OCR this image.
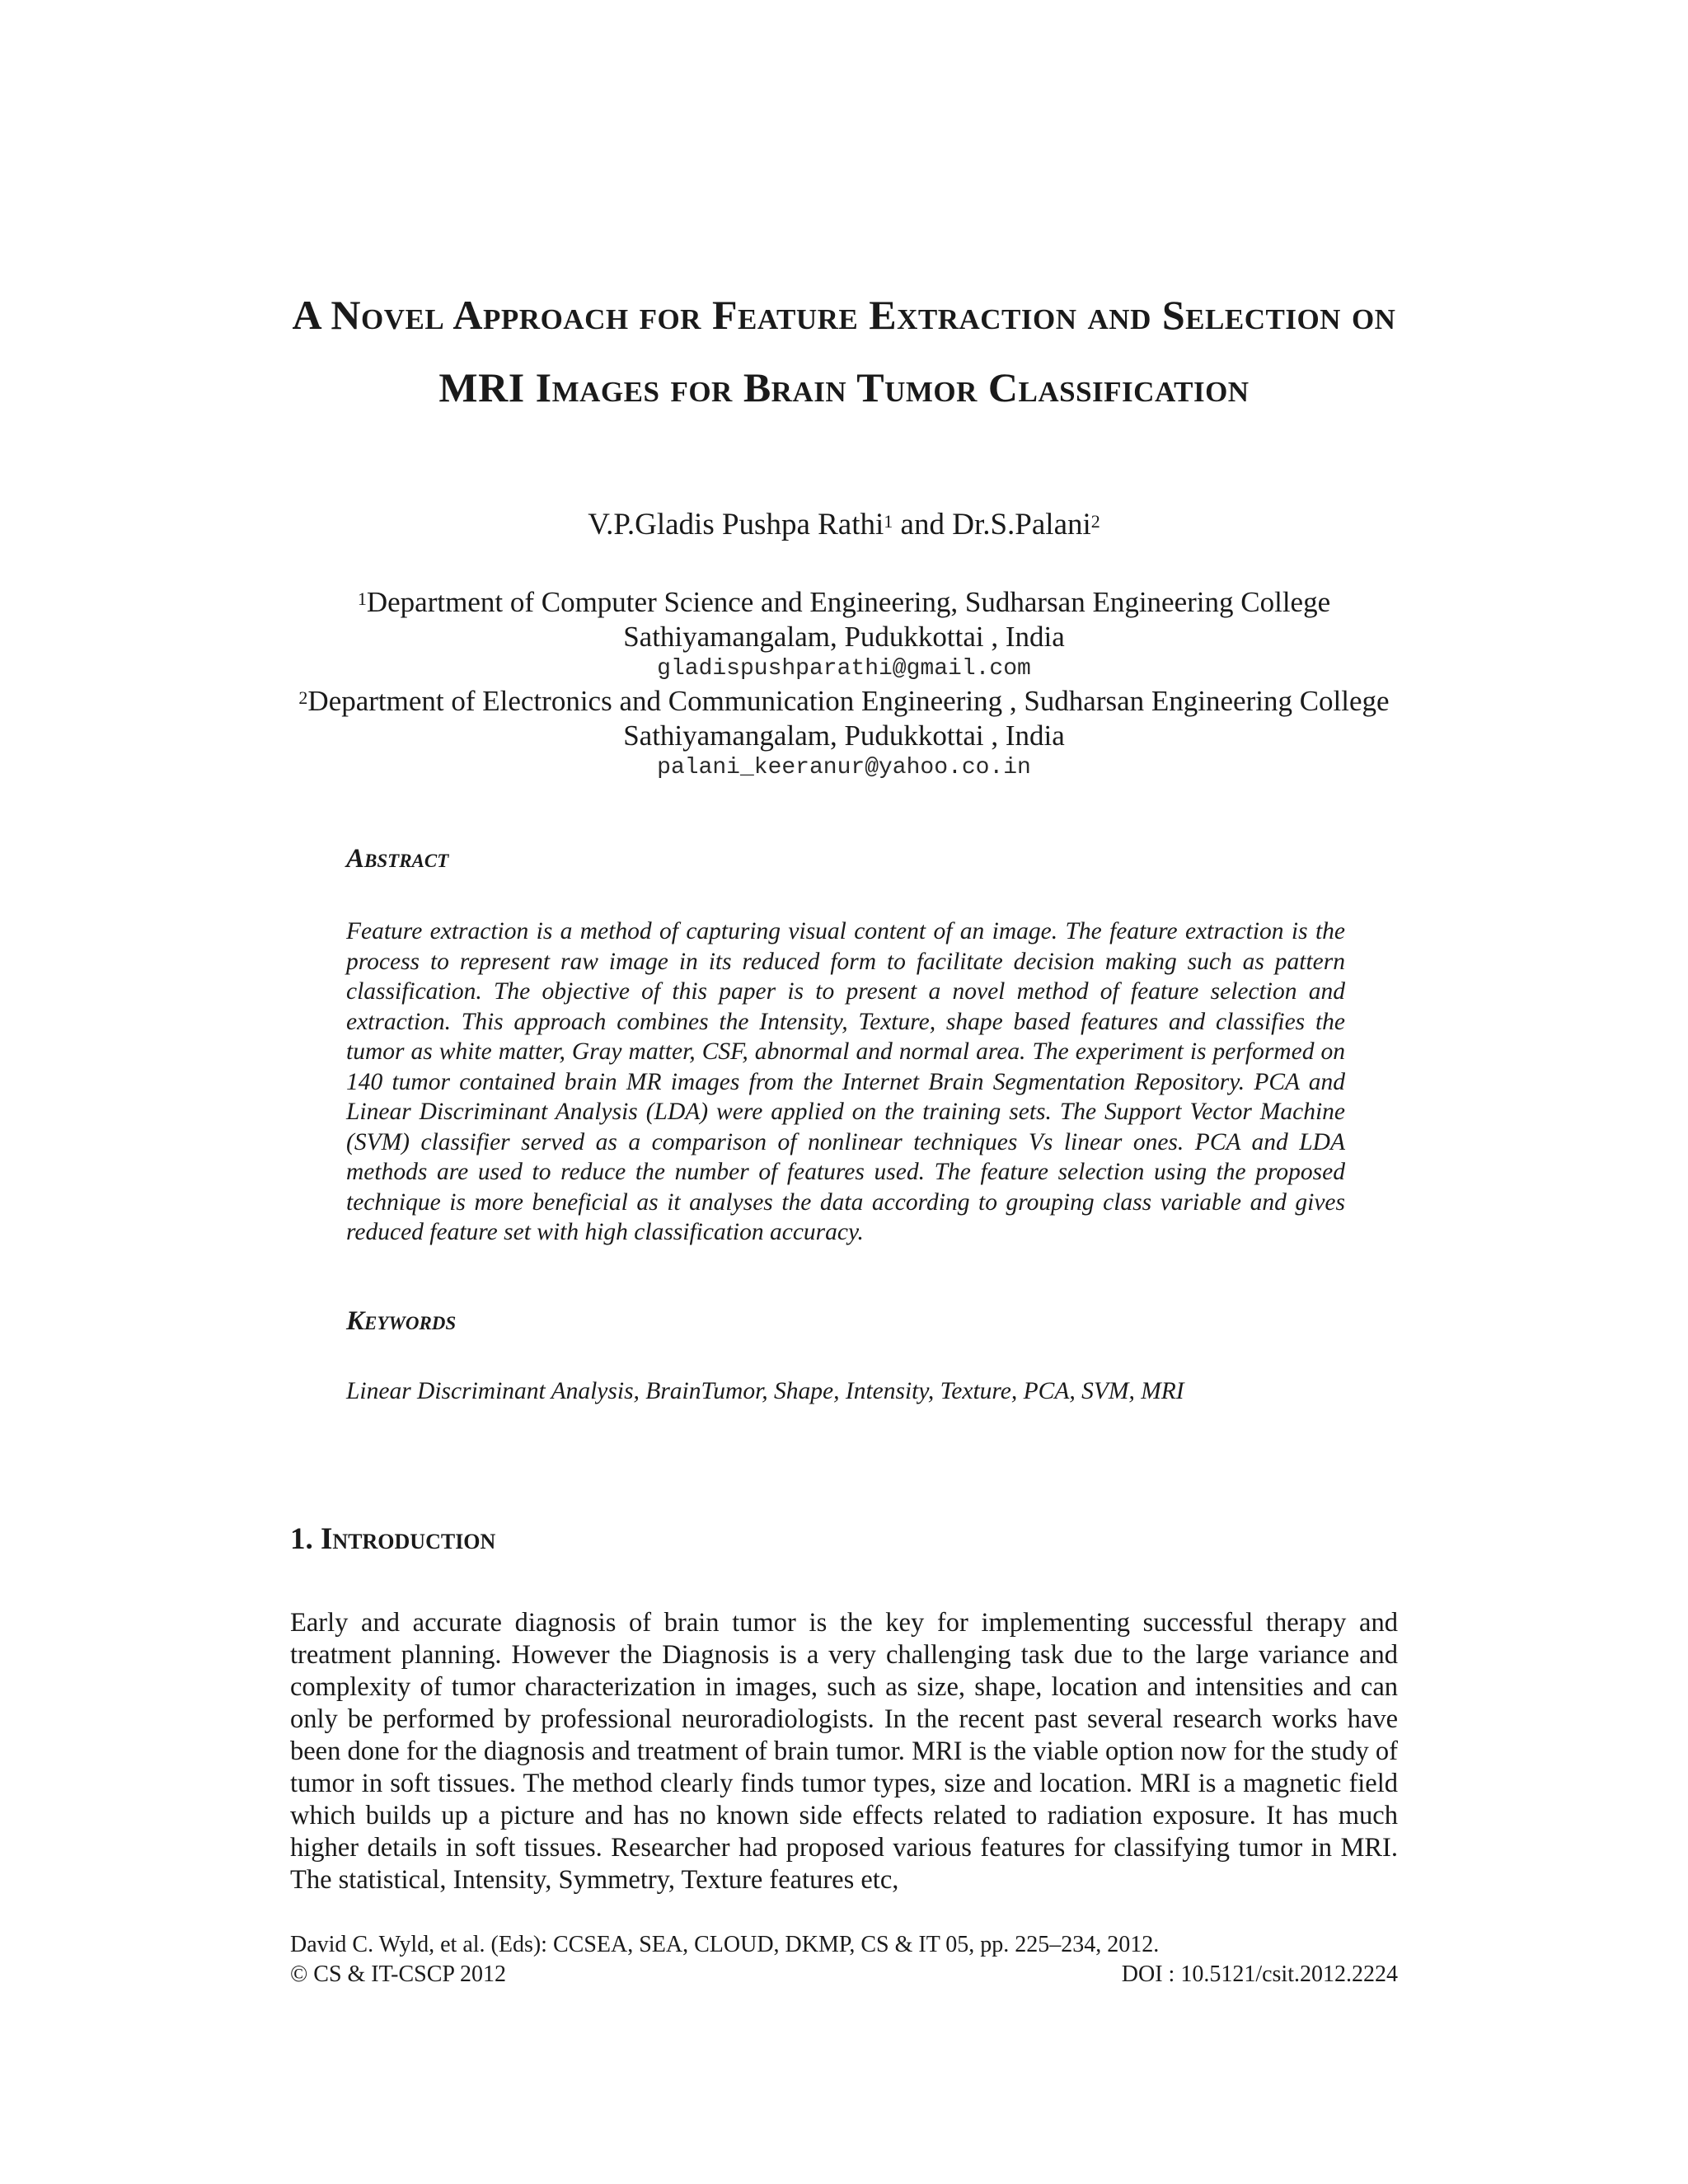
A Novel Approach for Feature Extraction and Selection on MRI Images for Brain Tumor Classification
V.P.Gladis Pushpa Rathi$^1$ and Dr.S.Palani$^2$
$^1$Department of Computer Science and Engineering, Sudharsan Engineering College Sathiyamangalam, Pudukkottai , India
gladispushparathi@gmail.com
$^2$Department of Electronics and Communication Engineering , Sudharsan Engineering College Sathiyamangalam, Pudukkottai , India
palani_keeranur@yahoo.co.in
Abstract
Feature extraction is a method of capturing visual content of an image. The feature extraction is the process to represent raw image in its reduced form to facilitate decision making such as pattern classification. The objective of this paper is to present a novel method of feature selection and extraction. This approach combines the Intensity, Texture, shape based features and classifies the tumor as white matter, Gray matter, CSF, abnormal and normal area. The experiment is performed on 140 tumor contained brain MR images from the Internet Brain Segmentation Repository. PCA and Linear Discriminant Analysis (LDA) were applied on the training sets. The Support Vector Machine (SVM) classifier served as a comparison of nonlinear techniques Vs linear ones. PCA and LDA methods are used to reduce the number of features used. The feature selection using the proposed technique is more beneficial as it analyses the data according to grouping class variable and gives reduced feature set with high classification accuracy.
Keywords
Linear Discriminant Analysis, BrainTumor, Shape, Intensity, Texture, PCA, SVM, MRI
1. Introduction
Early and accurate diagnosis of brain tumor is the key for implementing successful therapy and treatment planning. However the Diagnosis is a very challenging task due to the large variance and complexity of tumor characterization in images, such as size, shape, location and intensities and can only be performed by professional neuroradiologists. In the recent past several research works have been done for the diagnosis and treatment of brain tumor. MRI is the viable option now for the study of tumor in soft tissues. The method clearly finds tumor types, size and location. MRI is a magnetic field which builds up a picture and has no known side effects related to radiation exposure. It has much higher details in soft tissues. Researcher had proposed various features for classifying tumor in MRI. The statistical, Intensity, Symmetry, Texture features etc,
David C. Wyld, et al. (Eds): CCSEA, SEA, CLOUD, DKMP, CS & IT 05, pp. 225–234, 2012.
© CS & IT-CSCP 2012	DOI : 10.5121/csit.2012.2224
